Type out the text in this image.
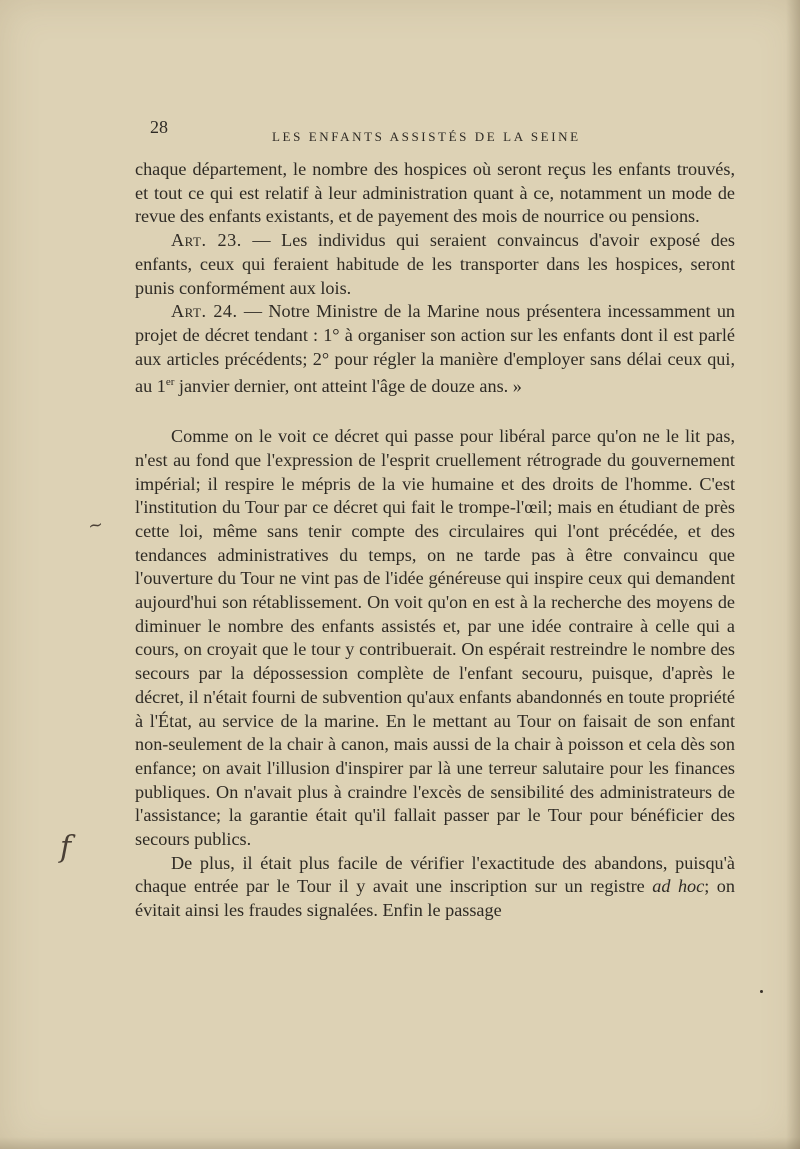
28	LES ENFANTS ASSISTÉS DE LA SEINE

chaque département, le nombre des hospices où seront reçus les enfants trouvés, et tout ce qui est relatif à leur administration quant à ce, notamment un mode de revue des enfants existants, et de payement des mois de nourrice ou pensions.

Art. 23. — Les individus qui seraient convaincus d'avoir exposé des enfants, ceux qui feraient habitude de les transporter dans les hospices, seront punis conformément aux lois.

Art. 24. — Notre Ministre de la Marine nous présentera incessamment un projet de décret tendant : 1° à organiser son action sur les enfants dont il est parlé aux articles précédents; 2° pour régler la manière d'employer sans délai ceux qui, au 1er janvier dernier, ont atteint l'âge de douze ans. »

Comme on le voit ce décret qui passe pour libéral parce qu'on ne le lit pas, n'est au fond que l'expression de l'esprit cruellement rétrograde du gouvernement impérial; il respire le mépris de la vie humaine et des droits de l'homme. C'est l'institution du Tour par ce décret qui fait le trompe-l'œil; mais en étudiant de près cette loi, même sans tenir compte des circulaires qui l'ont précédée, et des tendances administratives du temps, on ne tarde pas à être convaincu que l'ouverture du Tour ne vint pas de l'idée généreuse qui inspire ceux qui demandent aujourd'hui son rétablissement. On voit qu'on en est à la recherche des moyens de diminuer le nombre des enfants assistés et, par une idée contraire à celle qui a cours, on croyait que le tour y contribuerait. On espérait restreindre le nombre des secours par la dépossession complète de l'enfant secouru, puisque, d'après le décret, il n'était fourni de subvention qu'aux enfants abandonnés en toute propriété à l'État, au service de la marine. En le mettant au Tour on faisait de son enfant non-seulement de la chair à canon, mais aussi de la chair à poisson et cela dès son enfance; on avait l'illusion d'inspirer par là une terreur salutaire pour les finances publiques. On n'avait plus à craindre l'excès de sensibilité des administrateurs de l'assistance; la garantie était qu'il fallait passer par le Tour pour bénéficier des secours publics.

De plus, il était plus facile de vérifier l'exactitude des abandons, puisqu'à chaque entrée par le Tour il y avait une inscription sur un registre ad hoc; on évitait ainsi les fraudes signalées. Enfin le passage

~
f
